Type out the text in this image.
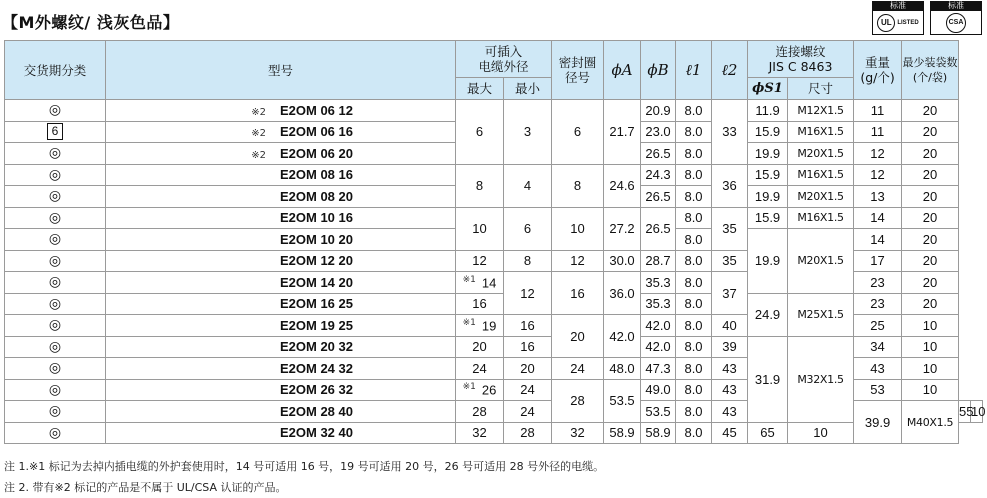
【M外螺纹/ 浅灰色品】
标准
UL LISTED
标准
CSA
交货期分类	型号	可插入
电缆外径		密封圈
径号	ϕA	ϕB	ℓ1	ℓ2	连接螺纹
JIS C 8463		重量
(g/个)	最少装袋数
(个/袋)		
		最大	最小						ϕS1	尺寸				
◎	※2 E2OM 06 12	6	3	6	21.7	20.9	8.0	33	11.9	M12X1.5	11	20		
6	※2 E2OM 06 16					23.0	8.0		15.9	M16X1.5	11	20		
◎	※2 E2OM 06 20					26.5	8.0		19.9	M20X1.5	12	20		
◎	E2OM 08 16	8	4	8	24.6	24.3	8.0	36	15.9	M16X1.5	12	20		
◎	E2OM 08 20					26.5	8.0		19.9	M20X1.5	13	20		
◎	E2OM 10 16	10	6	10	27.2	26.5	8.0	35	15.9	M16X1.5	14	20		
◎	E2OM 10 20						8.0		19.9	M20X1.5	14	20		
◎	E2OM 12 20	12	8	12	30.0	28.7	8.0	35			17	20		
◎	E2OM 14 20	$^{※1}$ 14	12	16	36.0	35.3	8.0	37			23	20		
◎	E2OM 16 25	16				35.3	8.0		24.9	M25X1.5	23	20		
◎	E2OM 19 25	$^{※1}$ 19	16	20	42.0	42.0	8.0	40			25	10		
◎	E2OM 20 32	20	16			42.0	8.0	39	31.9	M32X1.5	34	10		
◎	E2OM 24 32	24	20	24	48.0	47.3	8.0	43			43	10		
◎	E2OM 26 32	$^{※1}$ 26	24	28	53.5	49.0	8.0	43			53	10		
◎	E2OM 28 40	28	24			53.5	8.0	43			39.9	M40X1.5	55	10
◎	E2OM 32 40	32	28	32	58.9	58.9	8.0	45	65	10				
注 1.※1 标记为去掉内插电缆的外护套使用时，14 号可适用 16 号，19 号可适用 20 号，26 号可适用 28 号外径的电缆。
注 2. 带有※2 标记的产品是不属于 UL/CSA 认证的产品。
